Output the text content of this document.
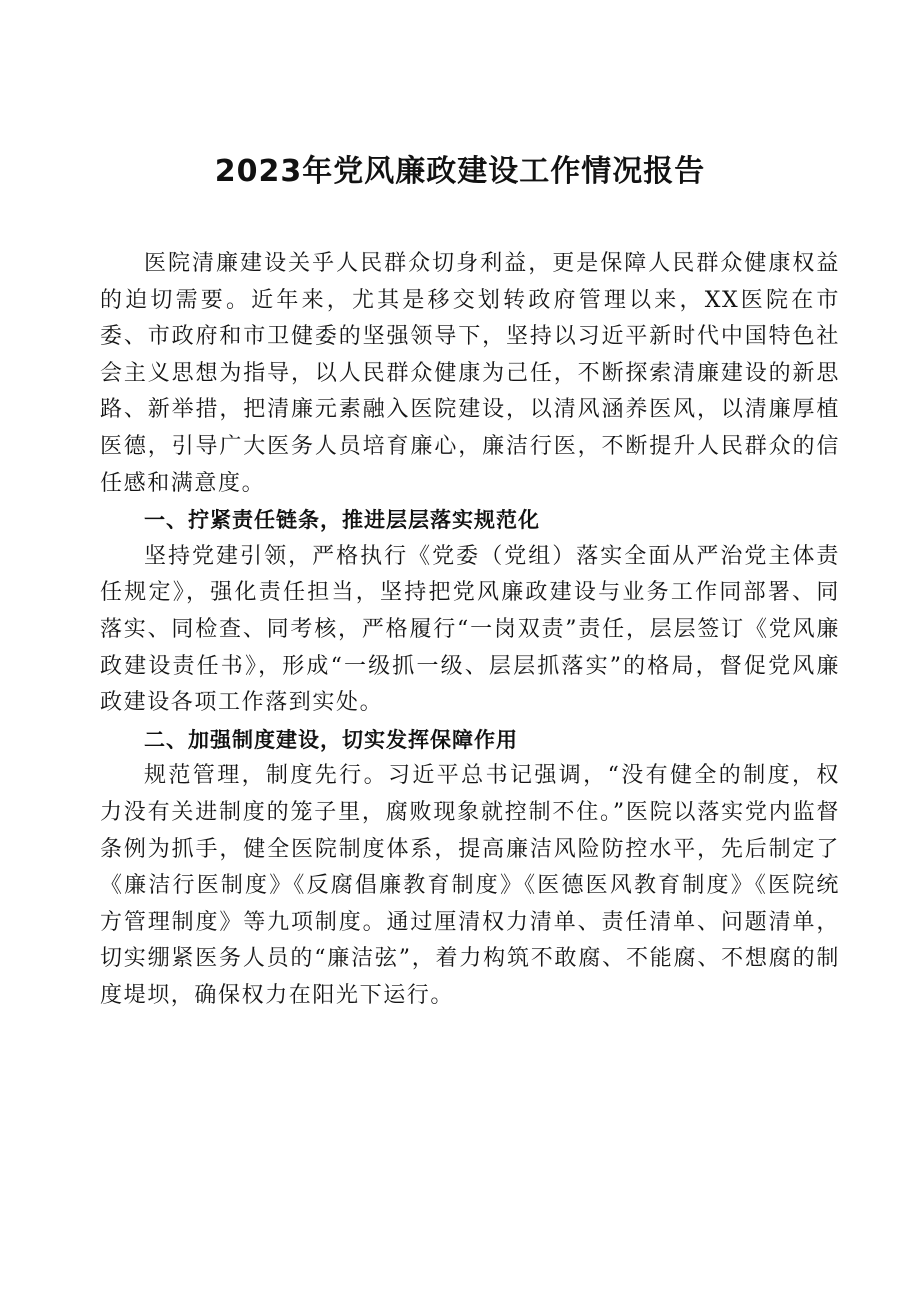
2023年党风廉政建设工作情况报告

医院清廉建设关乎人民群众切身利益，更是保障人民群众健康权益的迫切需要。近年来，尤其是移交划转政府管理以来，XX医院在市委、市政府和市卫健委的坚强领导下，坚持以习近平新时代中国特色社会主义思想为指导，以人民群众健康为己任，不断探索清廉建设的新思路、新举措，把清廉元素融入医院建设，以清风涵养医风，以清廉厚植医德，引导广大医务人员培育廉心，廉洁行医，不断提升人民群众的信任感和满意度。

一、拧紧责任链条，推进层层落实规范化

坚持党建引领，严格执行《党委（党组）落实全面从严治党主体责任规定》，强化责任担当，坚持把党风廉政建设与业务工作同部署、同落实、同检查、同考核，严格履行“一岗双责”责任，层层签订《党风廉政建设责任书》，形成“一级抓一级、层层抓落实”的格局，督促党风廉政建设各项工作落到实处。

二、加强制度建设，切实发挥保障作用

规范管理，制度先行。习近平总书记强调，“没有健全的制度，权力没有关进制度的笼子里，腐败现象就控制不住。”医院以落实党内监督条例为抓手，健全医院制度体系，提高廉洁风险防控水平，先后制定了《廉洁行医制度》《反腐倡廉教育制度》《医德医风教育制度》《医院统方管理制度》等九项制度。通过厘清权力清单、责任清单、问题清单，切实绷紧医务人员的“廉洁弦”，着力构筑不敢腐、不能腐、不想腐的制度堤坝，确保权力在阳光下运行。
